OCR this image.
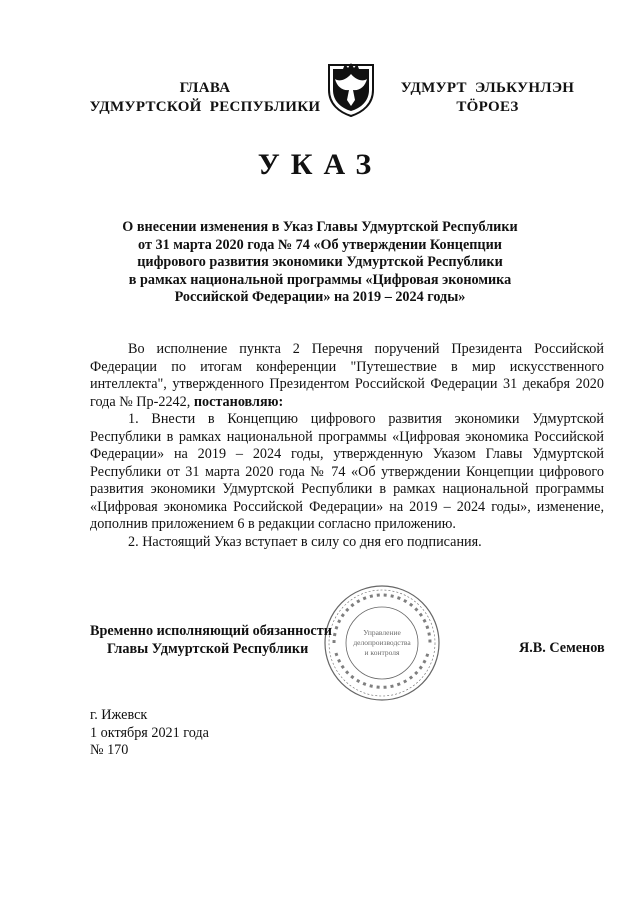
ГЛАВА
УДМУРТСКОЙ  РЕСПУБЛИКИ
УДМУРТ  ЭЛЬКУНЛЭН
ТӦРОЕЗ
УКАЗ
О внесении изменения в Указ Главы Удмуртской Республики
от 31 марта 2020 года № 74 «Об утверждении Концепции
цифрового развития экономики Удмуртской Республики
в рамках национальной программы «Цифровая экономика
Российской Федерации» на 2019 – 2024 годы»

Во исполнение пункта 2 Перечня поручений Президента Российской Федерации по итогам конференции "Путешествие в мир искусственного интеллекта", утвержденного Президентом Российской Федерации 31 декабря 2020 года № Пр-2242, постановляю:

1. Внести в Концепцию цифрового развития экономики Удмуртской Республики в рамках национальной программы «Цифровая экономика Российской Федерации» на 2019 – 2024 годы, утвержденную Указом Главы Удмуртской Республики от 31 марта 2020 года № 74 «Об утверждении Концепции цифрового развития экономики Удмуртской Республики в рамках национальной программы «Цифровая экономика Российской Федерации» на 2019 – 2024 годы», изменение, дополнив приложением 6 в редакции согласно приложению.

2. Настоящий Указ вступает в силу со дня его подписания.

Управление
делопроизводства
и контроля
Временно исполняющий обязанности
Главы Удмуртской Республики	Я.В. Семенов
г. Ижевск
1 октября 2021 года
№ 170
